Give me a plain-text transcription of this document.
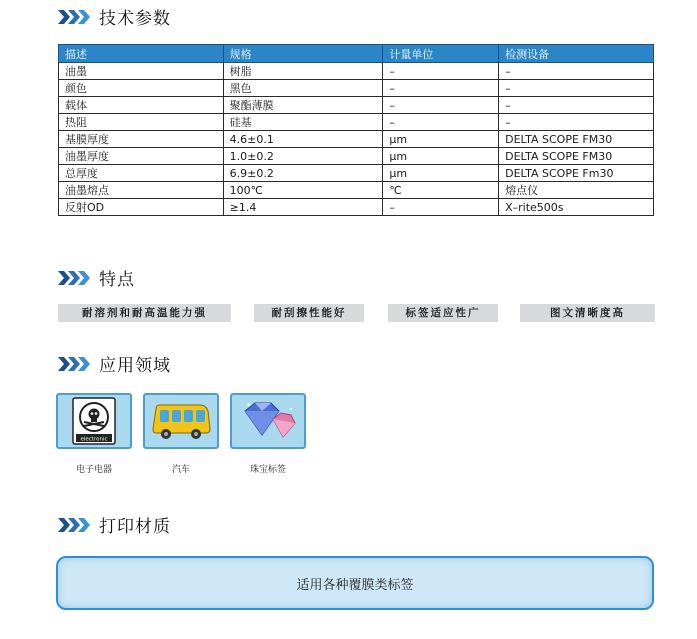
技术参数
描述	规格	计量单位	检测设备
油墨	树脂	–	–
颜色	黑色	–	–
载体	聚酯薄膜	–	–
热阻	硅基	–	–
基膜厚度	4.6±0.1	μm	DELTA SCOPE FM30
油墨厚度	1.0±0.2	μm	DELTA SCOPE FM30
总厚度	6.9±0.2	μm	DELTA SCOPE Fm30
油墨熔点	100℃	℃	熔点仪
反射OD	≥1.4	–	X–rite500s
特点
耐溶剂和耐高温能力强	耐刮擦性能好	标签适应性广	图文清晰度高
应用领域
electronic
电子电器	汽车	珠宝标签
打印材质
适用各种覆膜类标签
